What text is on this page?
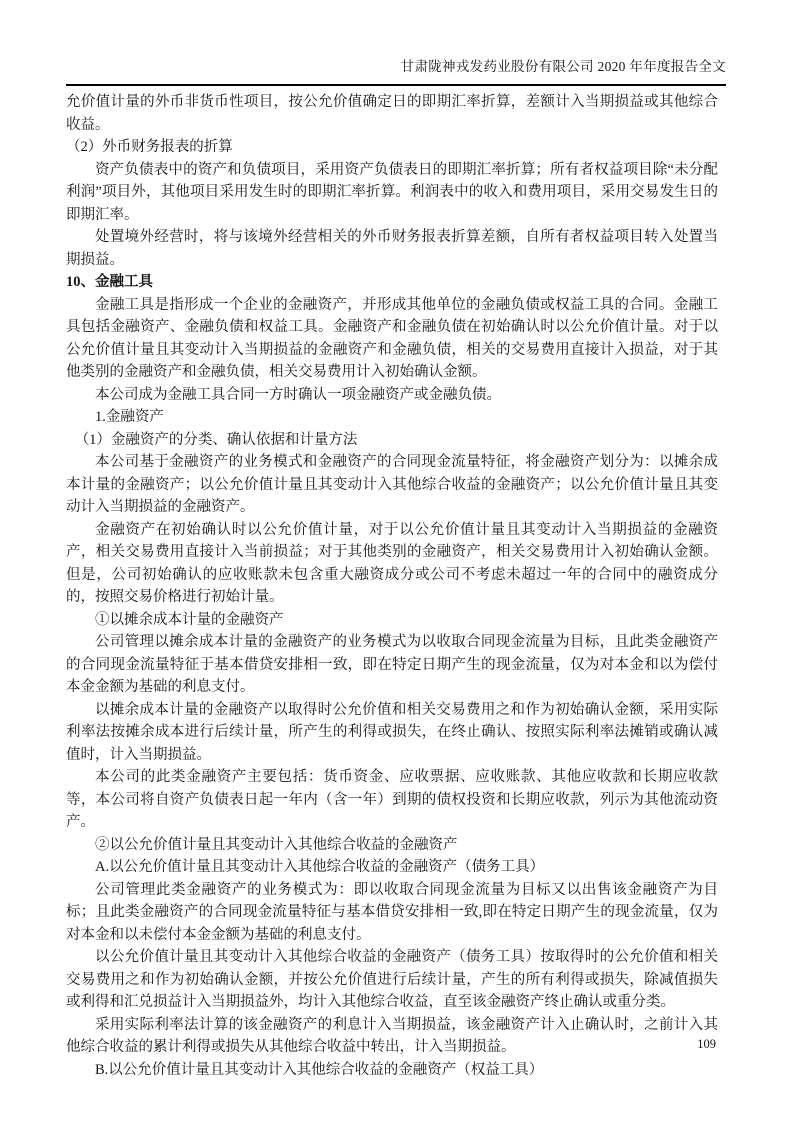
甘肃陇神戎发药业股份有限公司 2020 年年度报告全文

允价值计量的外币非货币性项目，按公允价值确定日的即期汇率折算，差额计入当期损益或其他综合收益。

（2）外币财务报表的折算

资产负债表中的资产和负债项目，采用资产负债表日的即期汇率折算；所有者权益项目除“未分配利润”项目外，其他项目采用发生时的即期汇率折算。利润表中的收入和费用项目，采用交易发生日的即期汇率。

处置境外经营时，将与该境外经营相关的外币财务报表折算差额，自所有者权益项目转入处置当期损益。

10、金融工具

金融工具是指形成一个企业的金融资产，并形成其他单位的金融负债或权益工具的合同。金融工具包括金融资产、金融负债和权益工具。金融资产和金融负债在初始确认时以公允价值计量。对于以公允价值计量且其变动计入当期损益的金融资产和金融负债，相关的交易费用直接计入损益，对于其他类别的金融资产和金融负债，相关交易费用计入初始确认金额。

本公司成为金融工具合同一方时确认一项金融资产或金融负债。

1.金融资产

（1）金融资产的分类、确认依据和计量方法

本公司基于金融资产的业务模式和金融资产的合同现金流量特征，将金融资产划分为：以摊余成本计量的金融资产；以公允价值计量且其变动计入其他综合收益的金融资产；以公允价值计量且其变动计入当期损益的金融资产。

金融资产在初始确认时以公允价值计量，对于以公允价值计量且其变动计入当期损益的金融资产，相关交易费用直接计入当前损益；对于其他类别的金融资产，相关交易费用计入初始确认金额。但是，公司初始确认的应收账款未包含重大融资成分或公司不考虑未超过一年的合同中的融资成分的，按照交易价格进行初始计量。

①以摊余成本计量的金融资产

公司管理以摊余成本计量的金融资产的业务模式为以收取合同现金流量为目标，且此类金融资产的合同现金流量特征于基本借贷安排相一致，即在特定日期产生的现金流量，仅为对本金和以为偿付本金金额为基础的利息支付。

以摊余成本计量的金融资产以取得时公允价值和相关交易费用之和作为初始确认金额，采用实际利率法按摊余成本进行后续计量，所产生的利得或损失，在终止确认、按照实际利率法摊销或确认减值时，计入当期损益。

本公司的此类金融资产主要包括：货币资金、应收票据、应收账款、其他应收款和长期应收款等，本公司将自资产负债表日起一年内（含一年）到期的债权投资和长期应收款，列示为其他流动资产。

②以公允价值计量且其变动计入其他综合收益的金融资产

A.以公允价值计量且其变动计入其他综合收益的金融资产（债务工具）

公司管理此类金融资产的业务模式为：即以收取合同现金流量为目标又以出售该金融资产为目标；且此类金融资产的合同现金流量特征与基本借贷安排相一致,即在特定日期产生的现金流量，仅为对本金和以未偿付本金金额为基础的利息支付。

以公允价值计量且其变动计入其他综合收益的金融资产（债务工具）按取得时的公允价值和相关交易费用之和作为初始确认金额，并按公允价值进行后续计量，产生的所有利得或损失，除减值损失或利得和汇兑损益计入当期损益外，均计入其他综合收益，直至该金融资产终止确认或重分类。

采用实际利率法计算的该金融资产的利息计入当期损益，该金融资产计入止确认时，之前计入其他综合收益的累计利得或损失从其他综合收益中转出，计入当期损益。

B.以公允价值计量且其变动计入其他综合收益的金融资产（权益工具）

109
